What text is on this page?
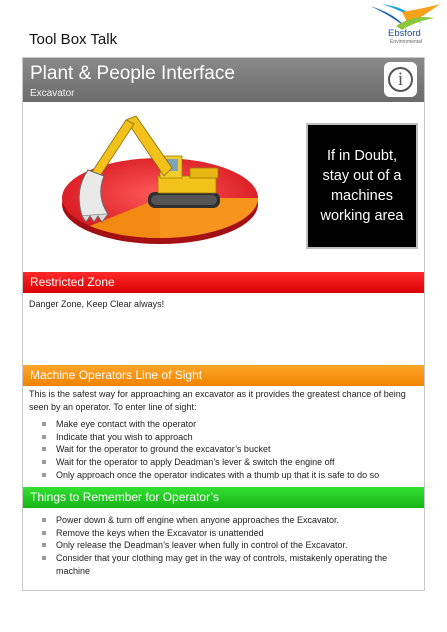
Tool Box Talk	Ebsford
Environmental
Plant & People Interface
Excavator
i
If in Doubt, stay out of a machines working area
Restricted Zone
Danger Zone, Keep Clear always!
Machine Operators Line of Sight
This is the safest way for approaching an excavator as it provides the greatest chance of being seen by an operator. To enter line of sight:
Make eye contact with the operator
Indicate that you wish to approach
Wait for the operator to ground the excavator’s bucket
Wait for the operator to apply Deadman’s lever & switch the engine off
Only approach once the operator indicates with a thumb up that it is safe to do so
Things to Remember for Operator’s
Power down & turn off engine when anyone approaches the Excavator.
Remove the keys when the Excavator is unattended
Only release the Deadman’s leaver when fully in control of the Excavator.
Consider that your clothing may get in the way of controls, mistakenly operating the machine
